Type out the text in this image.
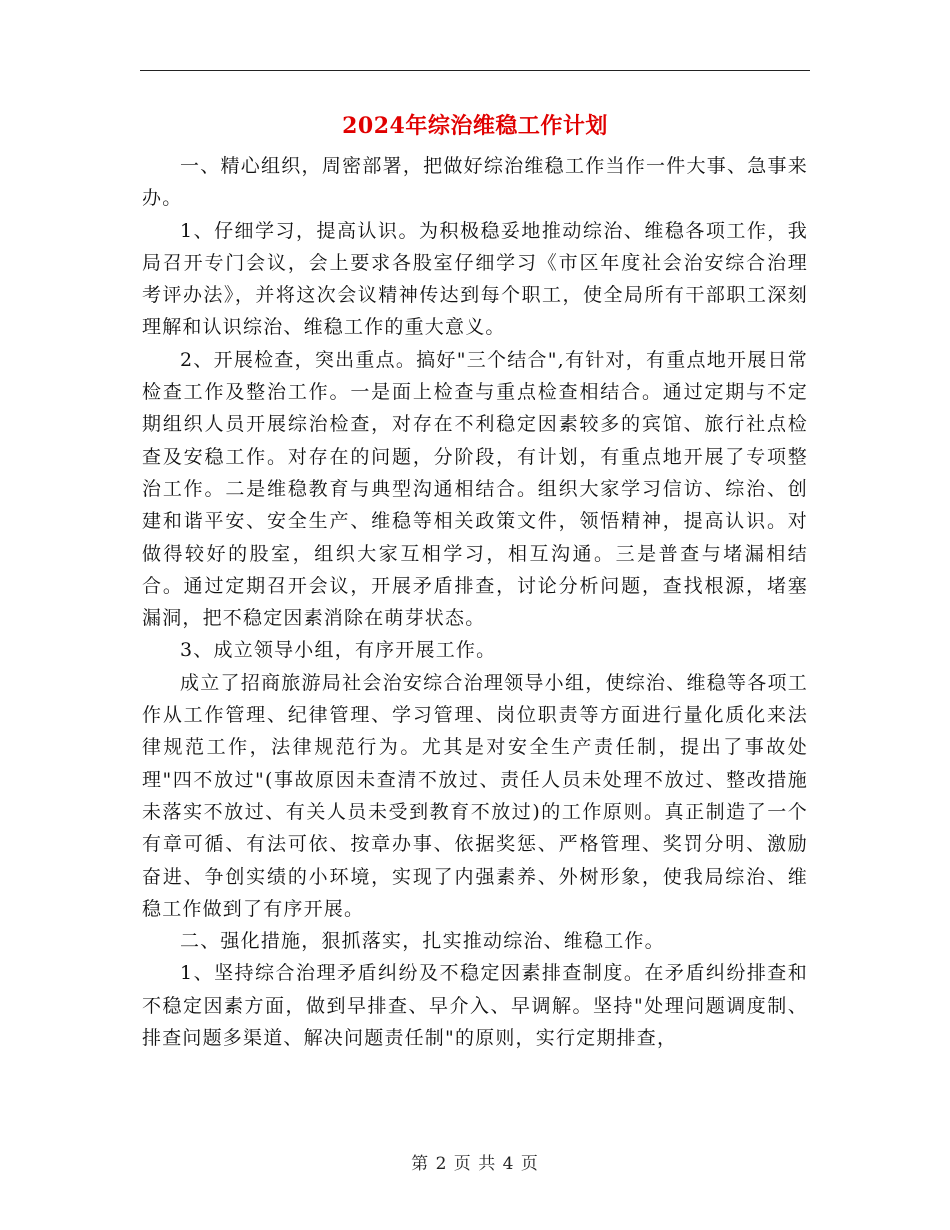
2024年综治维稳工作计划

一、精心组织，周密部署，把做好综治维稳工作当作一件大事、急事来办。

1、仔细学习，提高认识。为积极稳妥地推动综治、维稳各项工作，我局召开专门会议，会上要求各股室仔细学习《市区年度社会治安综合治理考评办法》，并将这次会议精神传达到每个职工，使全局所有干部职工深刻理解和认识综治、维稳工作的重大意义。

2、开展检查，突出重点。搞好"三个结合",有针对，有重点地开展日常检查工作及整治工作。一是面上检查与重点检查相结合。通过定期与不定期组织人员开展综治检查，对存在不利稳定因素较多的宾馆、旅行社点检查及安稳工作。对存在的问题，分阶段，有计划，有重点地开展了专项整治工作。二是维稳教育与典型沟通相结合。组织大家学习信访、综治、创建和谐平安、安全生产、维稳等相关政策文件，领悟精神，提高认识。对做得较好的股室，组织大家互相学习，相互沟通。三是普查与堵漏相结合。通过定期召开会议，开展矛盾排查，讨论分析问题，查找根源，堵塞漏洞，把不稳定因素消除在萌芽状态。

3、成立领导小组，有序开展工作。

成立了招商旅游局社会治安综合治理领导小组，使综治、维稳等各项工作从工作管理、纪律管理、学习管理、岗位职责等方面进行量化质化来法律规范工作，法律规范行为。尤其是对安全生产责任制，提出了事故处理"四不放过"(事故原因未查清不放过、责任人员未处理不放过、整改措施未落实不放过、有关人员未受到教育不放过)的工作原则。真正制造了一个有章可循、有法可依、按章办事、依据奖惩、严格管理、奖罚分明、激励奋进、争创实绩的小环境，实现了内强素养、外树形象，使我局综治、维稳工作做到了有序开展。

二、强化措施，狠抓落实，扎实推动综治、维稳工作。

1、坚持综合治理矛盾纠纷及不稳定因素排查制度。在矛盾纠纷排查和不稳定因素方面，做到早排查、早介入、早调解。坚持"处理问题调度制、排查问题多渠道、解决问题责任制"的原则，实行定期排查，

第 2 页 共 4 页
